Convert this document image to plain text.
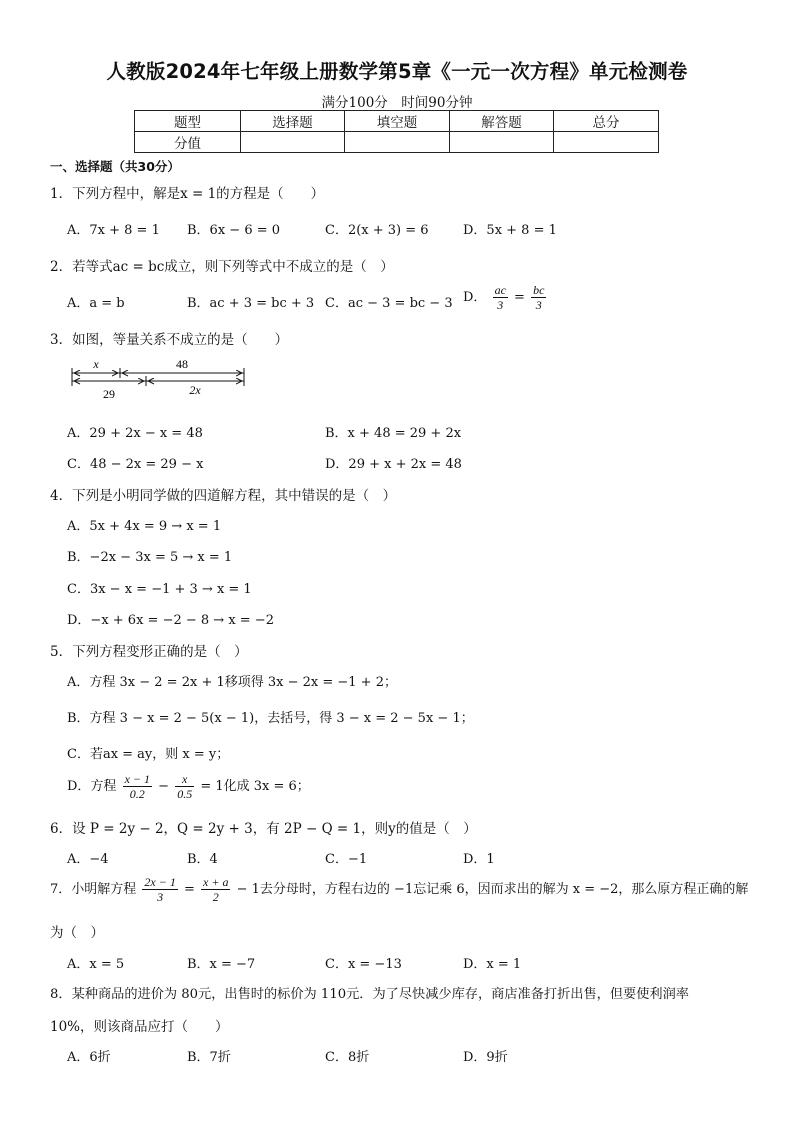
人教版2024年七年级上册数学第5章《一元一次方程》单元检测卷
满分100分　时间90分钟
题型	选择题	填空题	解答题	总分
分值				
一、选择题（共30分）
1．下列方程中，解是x = 1的方程是（　　）
A．7x + 8 = 1 B．6x − 6 = 0	C．2(x + 3) = 6	D．5x + 8 = 1
2．若等式ac = bc成立，则下列等式中不成立的是（　）
A．a = b	B．ac + 3 = bc + 3 C．ac − 3 = bc − 3 D． $\frac{ac}{3} = \frac{bc}{3}$
3．如图，等量关系不成立的是（　　）
x	48
29	2x
A．29 + 2x − x = 48	B．x + 48 = 29 + 2x
C．48 − 2x = 29 − x	D．29 + x + 2x = 48
4．下列是小明同学做的四道解方程，其中错误的是（　）
A．5x + 4x = 9 → x = 1
B．−2x − 3x = 5 → x = 1
C．3x − x = −1 + 3 → x = 1
D．−x + 6x = −2 − 8 → x = −2
5．下列方程变形正确的是（　）
A．方程 3x − 2 = 2x + 1移项得 3x − 2x = −1 + 2；
B．方程 3 − x = 2 − 5(x − 1)，去括号，得 3 − x = 2 − 5x − 1；
C．若ax = ay，则 x = y；
D．方程 $\frac{x - 1}{0.2} - \frac{x}{0.5} = 1$化成 3x = 6；
6．设 P = 2y − 2，Q = 2y + 3，有 2P − Q = 1，则y的值是（　）
A．−4	B．4	C．−1	D．1
7．小明解方程 $\frac{2x - 1}{3} = \frac{x + a}{2} - 1$去分母时，方程右边的 −1忘记乘 6，因而求出的解为 x = −2，那么原方程正确的解
为（　）
A．x = 5	B．x = −7	C．x = −13	D．x = 1
8．某种商品的进价为 80元，出售时的标价为 110元．为了尽快减少库存，商店准备打折出售，但要使利润率
10%，则该商品应打（　　）
A．6折	B．7折	C．8折	D．9折
